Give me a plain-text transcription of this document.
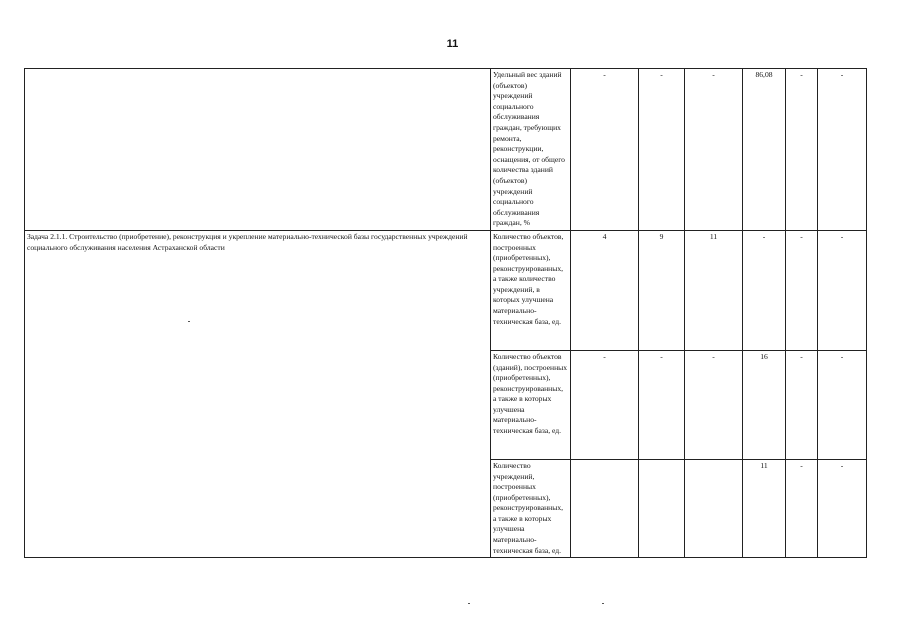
11
	Удельный вес зданий (объектов) учреждений социального обслуживания граждан, требующих ремонта, реконструкции, оснащения, от общего количества зданий (объектов) учреждений социального обслуживания граждан, %	-	-	-	86,08	-	-
Задача 2.1.1. Строительство (приобретение), реконструкция и укрепление материально-технической базы государственных учреждений социального обслуживания населения Астраханской области	Количество объектов, построенных (приобретенных), реконструированных, а также количество учреждений, в которых улучшена материально-техническая база, ед.	4	9	11	-	-	-
	Количество объектов (зданий), построенных (приобретенных), реконструированных, а также в которых улучшена материально-техническая база, ед.	-	-	-	16	-	-
	Количество учреждений, построенных (приобретенных), реконструированных, а также в которых улучшена материально-техническая база, ед.				11	-	-
